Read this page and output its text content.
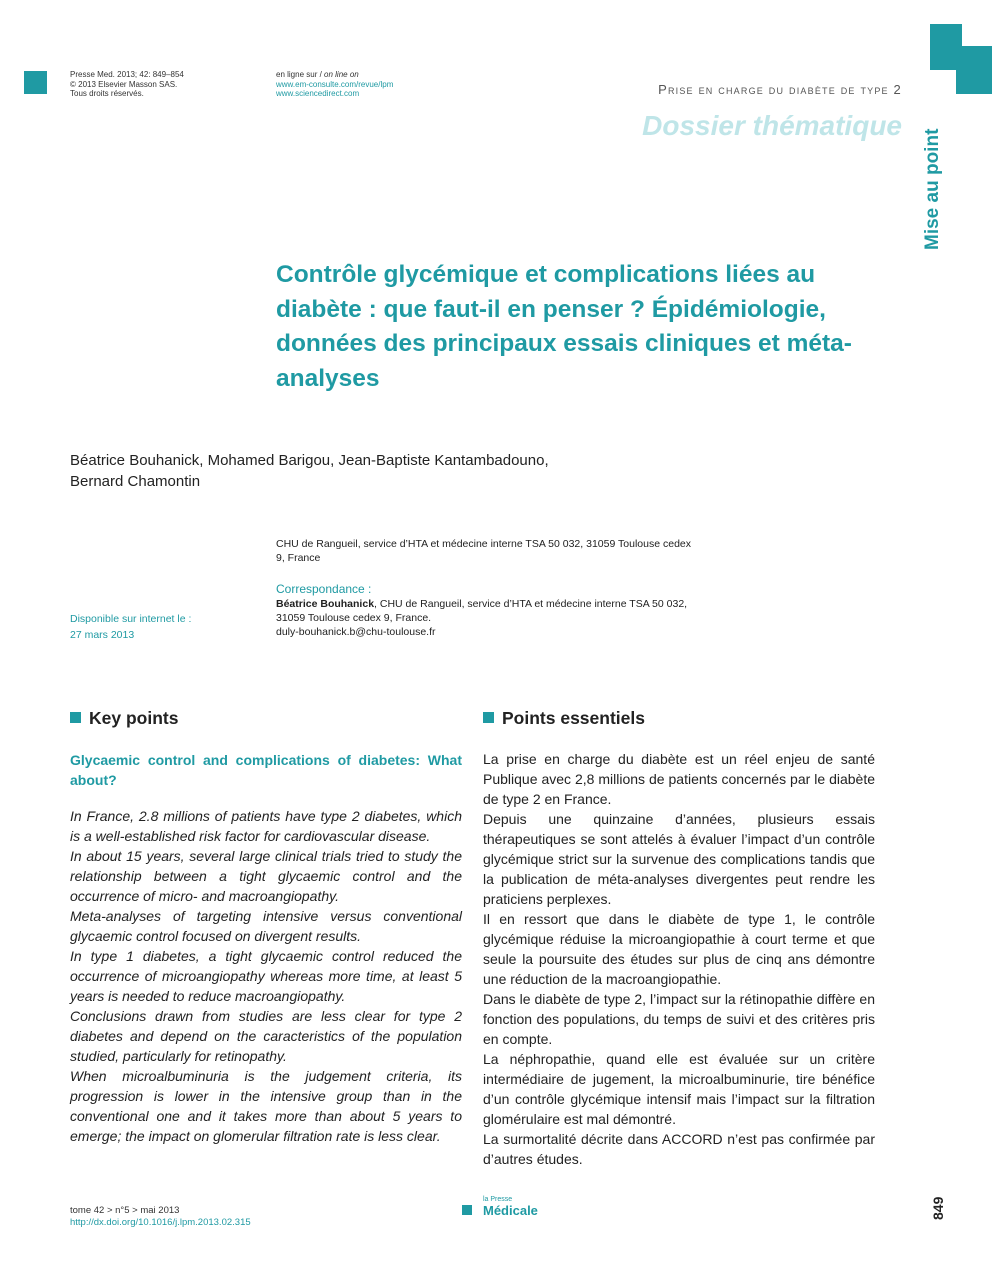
Presse Med. 2013; 42: 849–854
© 2013 Elsevier Masson SAS.
Tous droits réservés.
en ligne sur / on line on
www.em-consulte.com/revue/lpm
www.sciencedirect.com	Prise en charge du diabète de type 2
Dossier thématique
Mise au point
Contrôle glycémique et complications liées au diabète : que faut-il en penser ? Épidémiologie, données des principaux essais cliniques et méta-analyses
Béatrice Bouhanick, Mohamed Barigou, Jean-Baptiste Kantambadouno,
Bernard Chamontin
CHU de Rangueil, service d’HTA et médecine interne TSA 50 032, 31059 Toulouse cedex 9, France
Correspondance :
Béatrice Bouhanick, CHU de Rangueil, service d’HTA et médecine interne TSA 50 032, 31059 Toulouse cedex 9, France.
duly-bouhanick.b@chu-toulouse.fr
Disponible sur internet le :
27 mars 2013
Key points
Glycaemic control and complications of diabetes: What about?

In France, 2.8 millions of patients have type 2 diabetes, which is a well-established risk factor for cardiovascular disease.

In about 15 years, several large clinical trials tried to study the relationship between a tight glycaemic control and the occurrence of micro- and macroangiopathy.

Meta-analyses of targeting intensive versus conventional glycaemic control focused on divergent results.

In type 1 diabetes, a tight glycaemic control reduced the occurrence of microangiopathy whereas more time, at least 5 years is needed to reduce macroangiopathy.

Conclusions drawn from studies are less clear for type 2 diabetes and depend on the caracteristics of the population studied, particularly for retinopathy.

When microalbuminuria is the judgement criteria, its progression is lower in the intensive group than in the conventional one and it takes more than about 5 years to emerge; the impact on glomerular filtration rate is less clear.

Points essentiels

La prise en charge du diabète est un réel enjeu de santé Publique avec 2,8 millions de patients concernés par le diabète de type 2 en France.

Depuis une quinzaine d’années, plusieurs essais thérapeutiques se sont attelés à évaluer l’impact d’un contrôle glycémique strict sur la survenue des complications tandis que la publication de méta-analyses divergentes peut rendre les praticiens perplexes.

Il en ressort que dans le diabète de type 1, le contrôle glycémique réduise la microangiopathie à court terme et que seule la poursuite des études sur plus de cinq ans démontre une réduction de la macroangiopathie.

Dans le diabète de type 2, l’impact sur la rétinopathie diffère en fonction des populations, du temps de suivi et des critères pris en compte.

La néphropathie, quand elle est évaluée sur un critère intermédiaire de jugement, la microalbuminurie, tire bénéfice d’un contrôle glycémique intensif mais l’impact sur la filtration glomérulaire est mal démontré.

La surmortalité décrite dans ACCORD n’est pas confirmée par d’autres études.

tome 42 > n°5 > mai 2013
http://dx.doi.org/10.1016/j.lpm.2013.02.315
la Presse
Médicale	849
